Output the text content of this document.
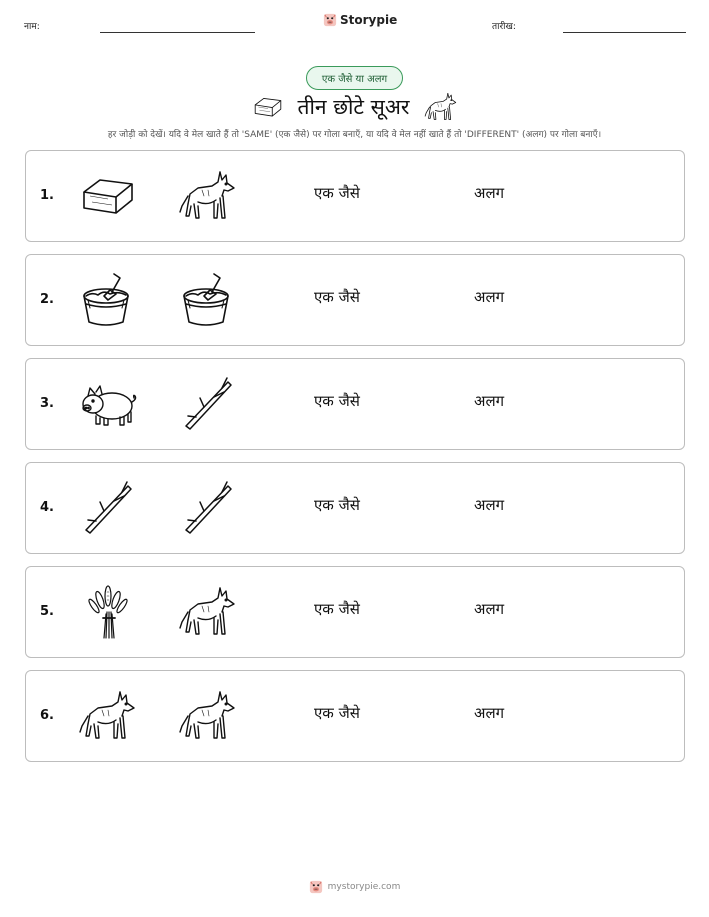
नाम:	Storypie	तारीख:
एक जैसे या अलग
तीन छोटे सूअर
हर जोड़ी को देखें। यदि वे मेल खाते हैं तो 'SAME' (एक जैसे) पर गोला बनाएँ, या यदि वे मेल नहीं खाते हैं तो 'DIFFERENT' (अलग) पर गोला बनाएँ।
1.	एक जैसे	अलग
2.	एक जैसे	अलग
3.	एक जैसे	अलग
4.	एक जैसे	अलग
5.	एक जैसे	अलग
6.	एक जैसे	अलग
mystorypie.com
